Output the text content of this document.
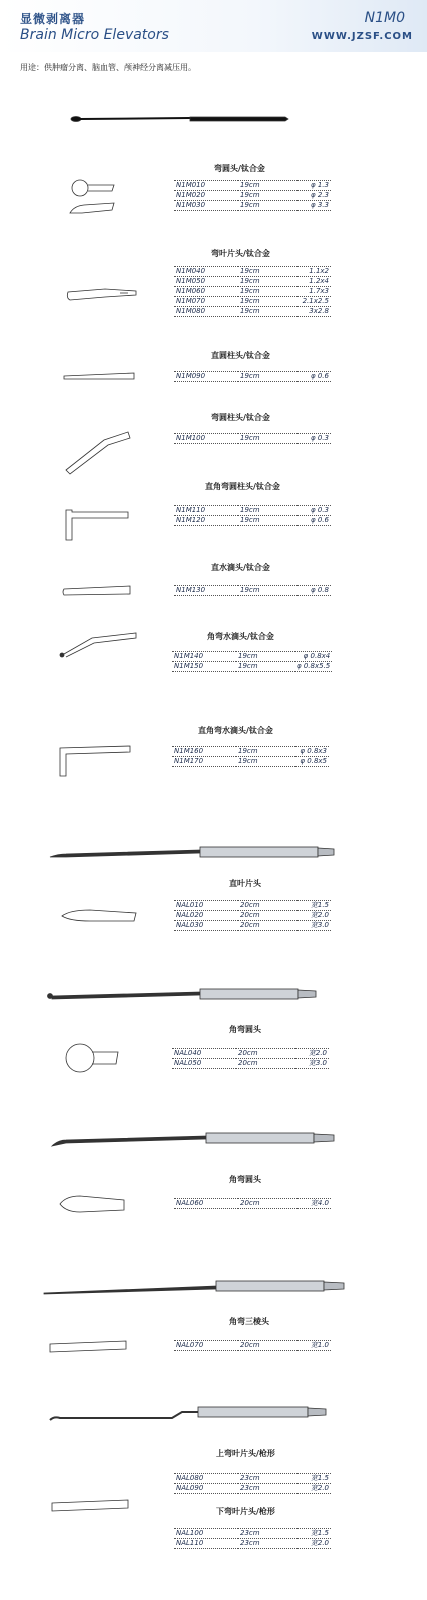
显微剥离器
Brain Micro Elevators
N1M0
WWW.JZSF.COM
用途：供肿瘤分离、脑血管、颅神经分离减压用。
弯圆头/钛合金
N1M010	19cm	φ 1.3
N1M020	19cm	φ 2.3
N1M030	19cm	φ 3.3
弯叶片头/钛合金
N1M040	19cm	1.1x2
N1M050	19cm	1.2x4
N1M060	19cm	1.7x3
N1M070	19cm	2.1x2.5
N1M080	19cm	3x2.8
直圆柱头/钛合金
N1M090	19cm	φ 0.6
弯圆柱头/钛合金
N1M100	19cm	φ 0.3
直角弯圆柱头/钛合金
N1M110	19cm	φ 0.3
N1M120	19cm	φ 0.6
直水滴头/钛合金
N1M130	19cm	φ 0.8
角弯水滴头/钛合金
N1M140	19cm	φ 0.8x4
N1M150	19cm	φ 0.8x5.5
直角弯水滴头/钛合金
N1M160	19cm	φ 0.8x3
N1M170	19cm	φ 0.8x5
直叶片头
NAL010	20cm	宽1.5
NAL020	20cm	宽2.0
NAL030	20cm	宽3.0
角弯圆头
NAL040	20cm	宽2.0
NAL050	20cm	宽3.0
角弯圆头
NAL060	20cm	宽4.0
角弯三棱头
NAL070	20cm	宽1.0
上弯叶片头/枪形
NAL080	23cm	宽1.5
NAL090	23cm	宽2.0
下弯叶片头/枪形
NAL100	23cm	宽1.5
NAL110	23cm	宽2.0
